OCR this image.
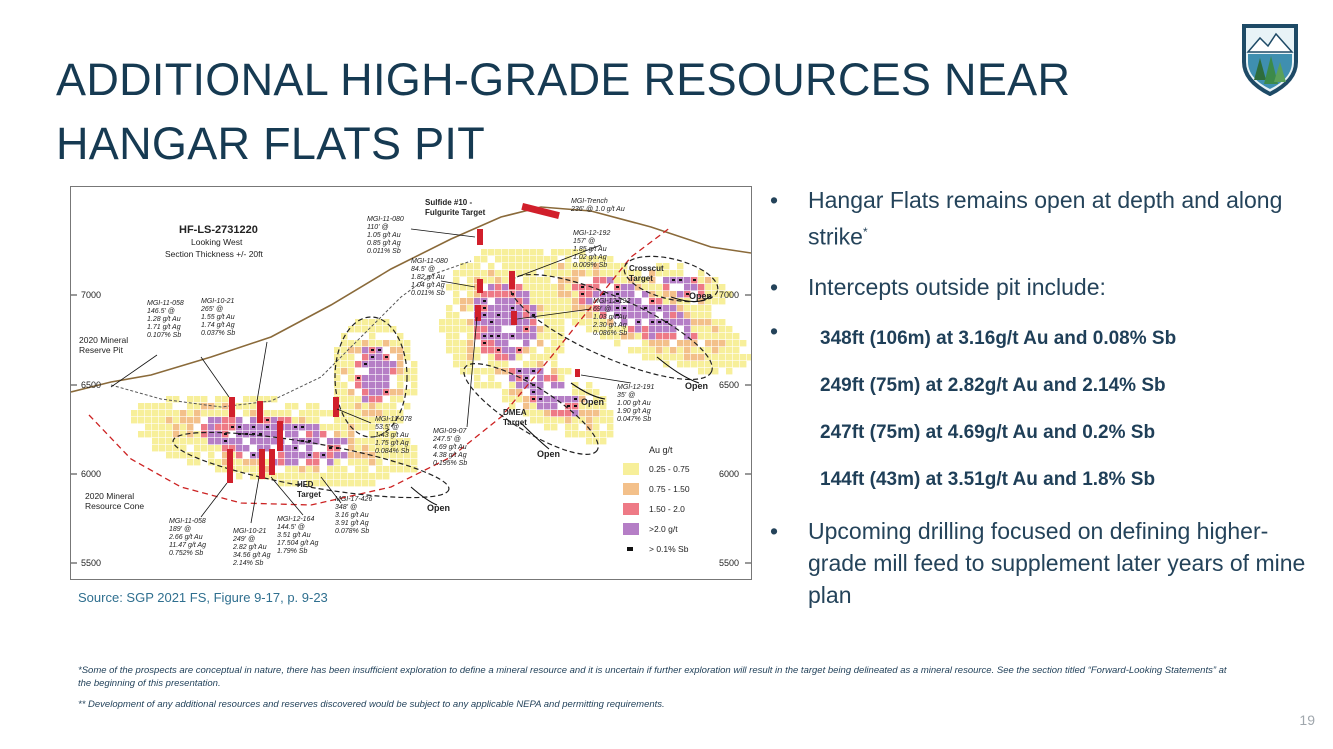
ADDITIONAL HIGH-GRADE RESOURCES NEAR
HANGAR FLATS PIT
7000
6500
6000
5500
7000
6500
6000
5500
HF-LS-2731220
Looking West
Section Thickness +/- 20ft
2020 Mineral
Reserve Pit
2020 Mineral
Resource Cone
Sulfide #10 -
Fulgurite Target
Crosscut
Target
DMEA
Target
HFD
Target
Open
Open
Open
Open
Open
MGI-Trench
236' @ 1.0 g/t Au
MGI-11-080
110' @
1.05 g/t Au
0.85 g/t Ag
0.011% Sb
MGI-12-192
157' @
1.85 g/t Au
1.02 g/t Ag
0.009% Sb
MGI-11-080
84.5' @
1.82 g/t Au
1.04 g/t Ag
0.011% Sb
MGI-12-192
69' @
1.03 g/t Au
2.30 g/t Ag
0.086% Sb
MGI-10-21
265' @
1.55 g/t Au
1.74 g/t Ag
0.037% Sb
MGI-11-058
146.5' @
1.28 g/t Au
1.71 g/t Ag
0.107% Sb
MGI-12-191
35' @
1.00 g/t Au
1.90 g/t Ag
0.047% Sb
MGI-11-078
53.5' @
1.43 g/t Au
1.75 g/t Ag
0.084% Sb
MGI-09-07
247.5' @
4.69 g/t Au
4.38 g/t Ag
0.195% Sb
MGI-17-426
348' @
3.16 g/t Au
3.91 g/t Ag
0.078% Sb
MGI-11-058
189' @
2.66 g/t Au
11.47 g/t Ag
0.752% Sb
MGI-10-21
249' @
2.82 g/t Au
34.56 g/t Ag
2.14% Sb
MGI-12-164
144.5' @
3.51 g/t Au
17.504 g/t Ag
1.79% Sb
Au g/t
0.25 - 0.75
0.75 - 1.50
1.50 - 2.0
>2.0 g/t
> 0.1% Sb
Source: SGP 2021 FS, Figure 9-17, p. 9-23
• Hangar Flats remains open at depth and along strike*
• Intercepts outside pit include:
• 348ft (106m) at 3.16g/t Au and 0.08% Sb
249ft (75m) at 2.82g/t Au and 2.14% Sb
247ft (75m) at 4.69g/t Au and 0.2% Sb
144ft (43m) at 3.51g/t Au and 1.8% Sb
• Upcoming drilling focused on defining higher-grade mill feed to supplement later years of mine plan

*Some of the prospects are conceptual in nature, there has been insufficient exploration to define a mineral resource and it is uncertain if further exploration will result in the target being delineated as a mineral resource. See the section titled “Forward-Looking Statements” at the beginning of this presentation.

** Development of any additional resources and reserves discovered would be subject to any applicable NEPA and permitting requirements.

19
